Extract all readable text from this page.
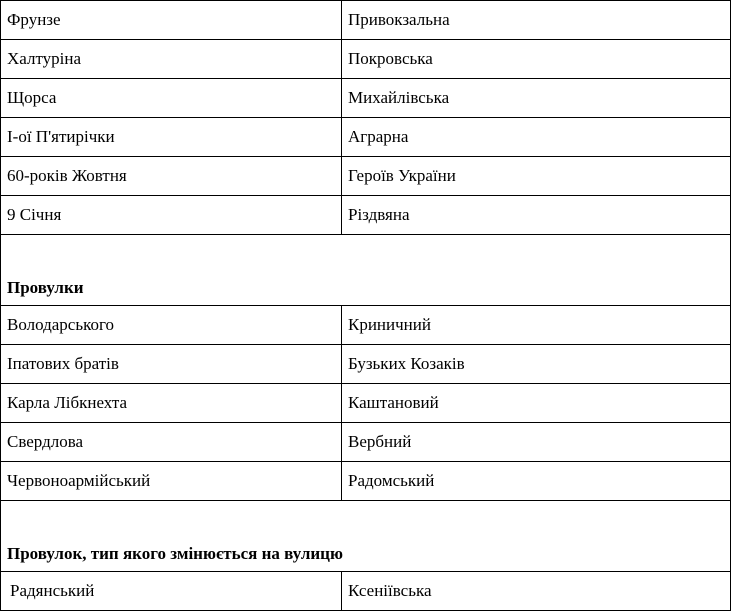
Фрунзе	Привокзальна
Халтуріна	Покровська
Щорса	Михайлівська
І-ої П'ятирічки	Аграрна
60-років Жовтня	Героїв України
9 Січня	Різдвяна
Провулки	
Володарського	Криничний
Іпатових братів	Бузьких Козаків
Карла Лібкнехта	Каштановий
Свердлова	Вербний
Червоноармійський	Радомський
Провулок, тип якого змінюється на вулицю	
Радянський	Ксеніївська
